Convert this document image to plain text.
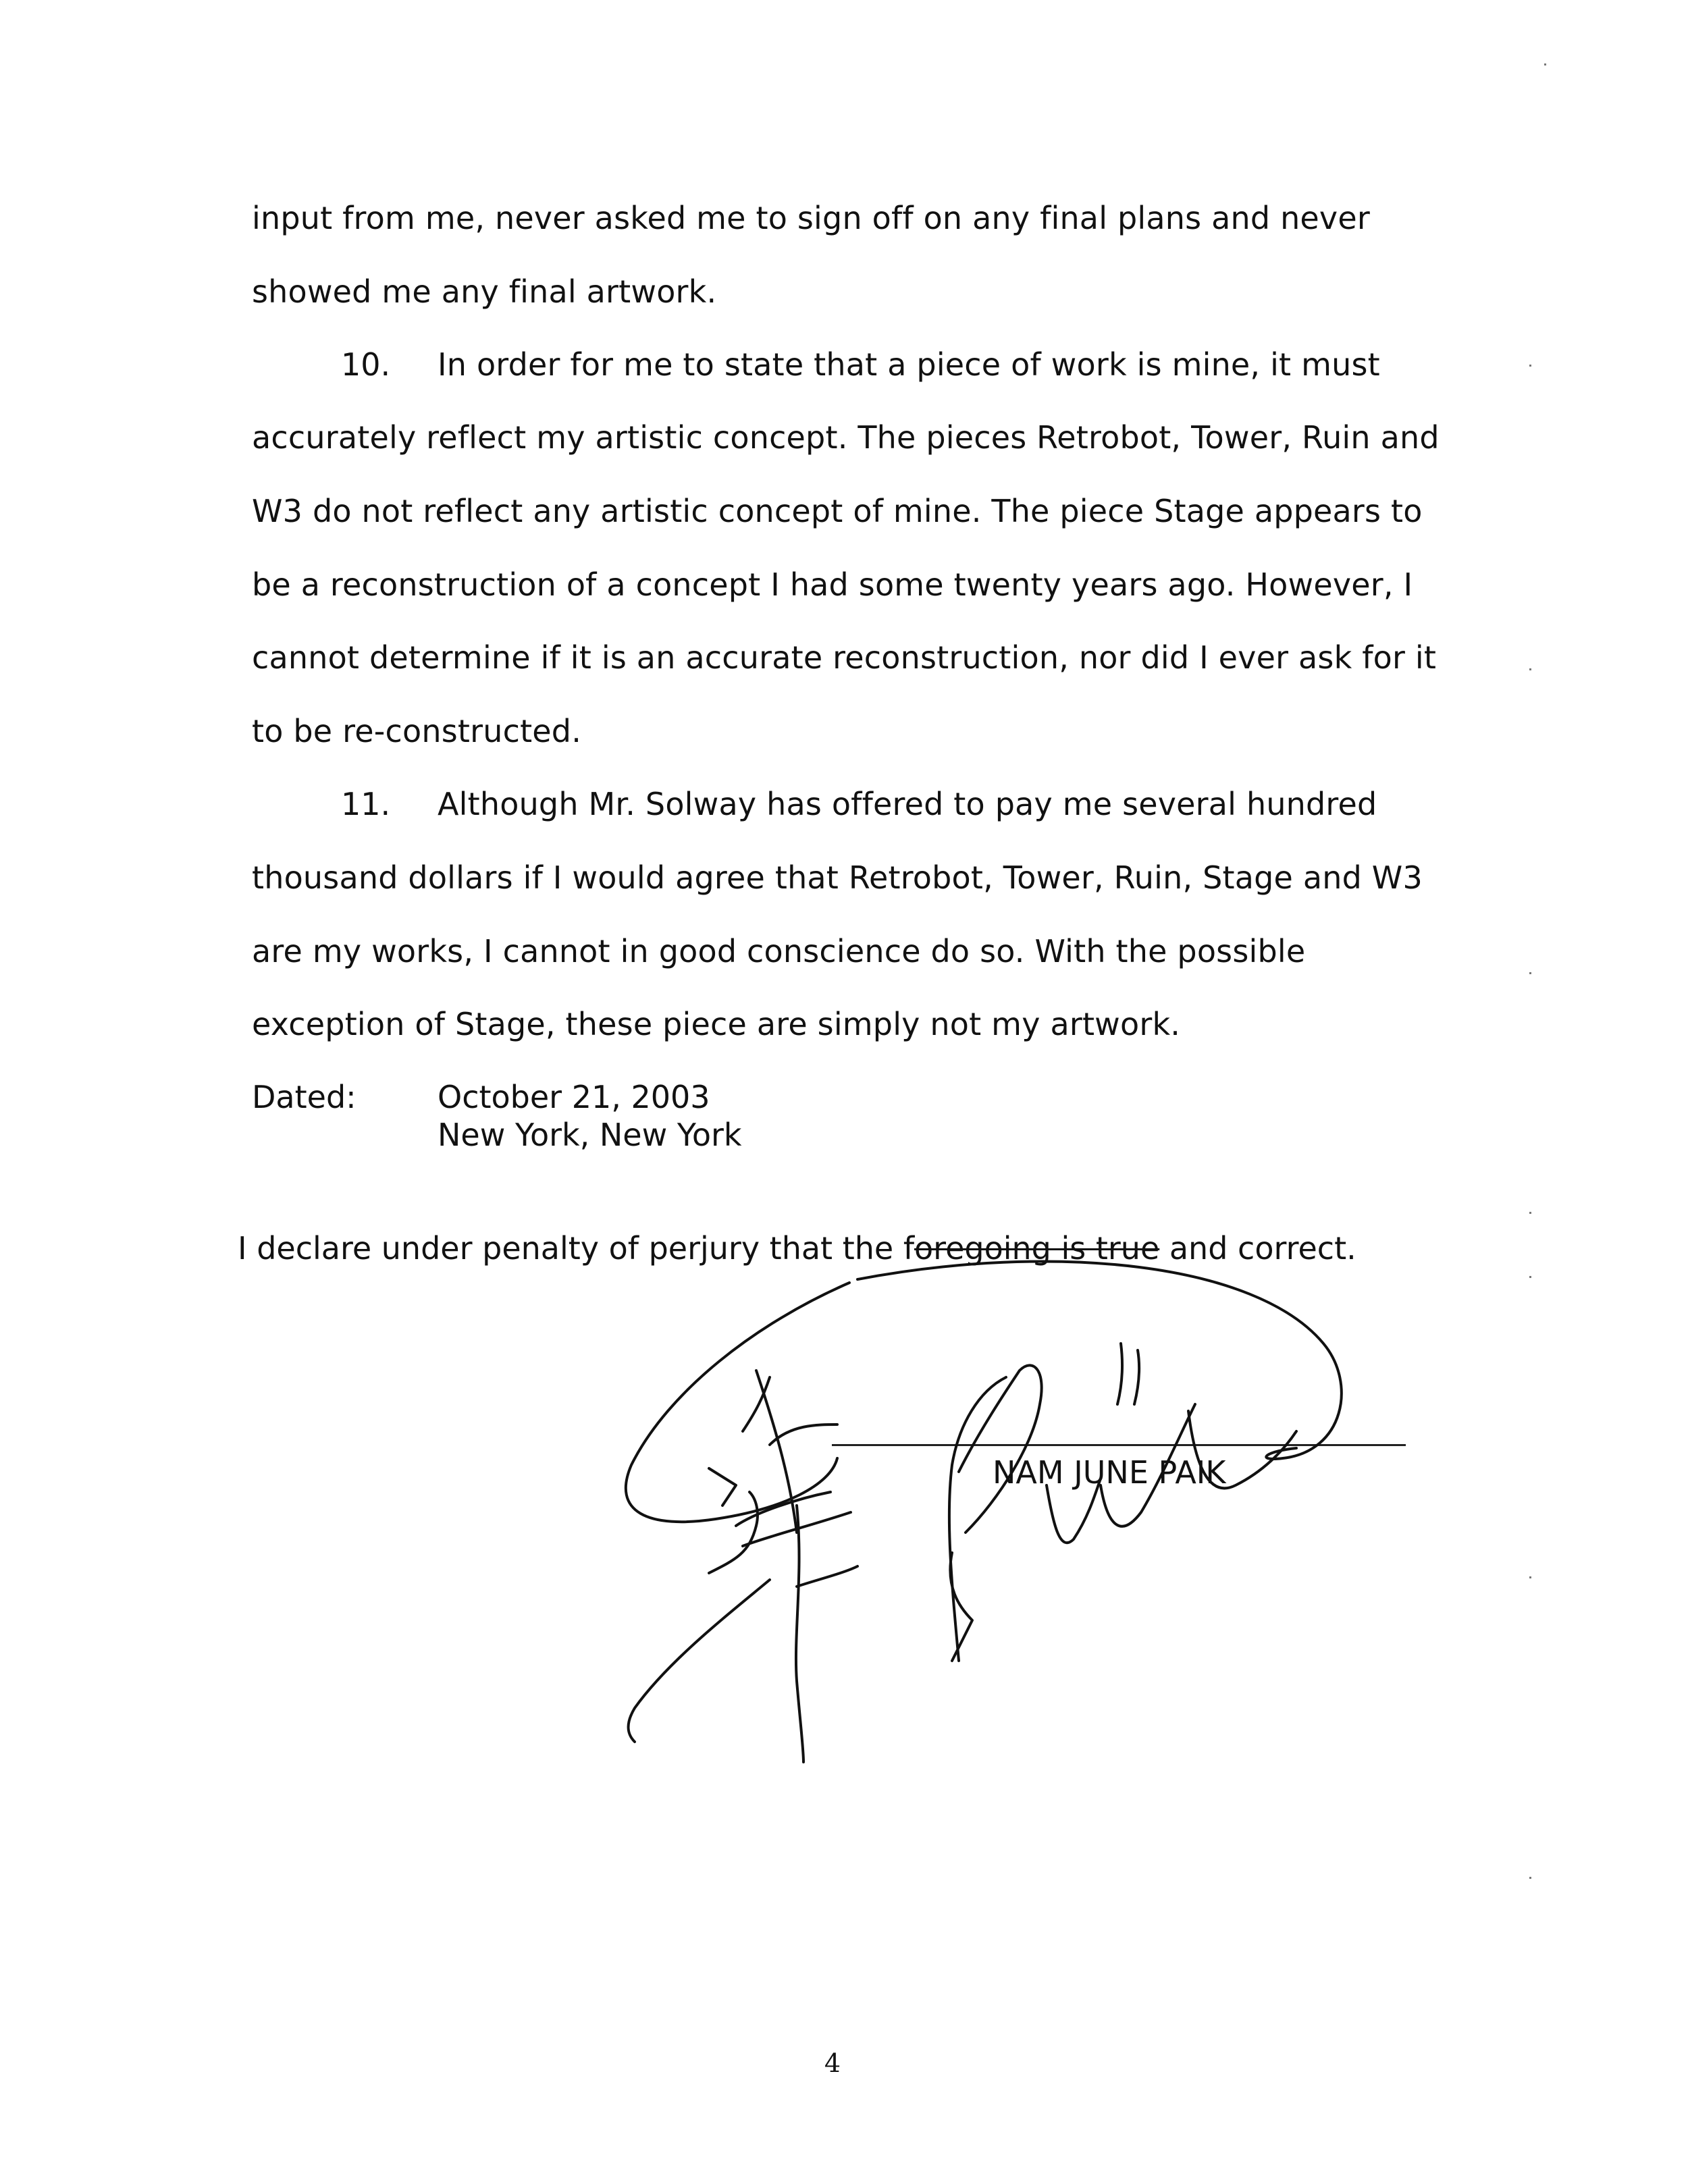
input from me, never asked me to sign off on any final plans and never
showed me any final artwork.
10. In order for me to state that a piece of work is mine, it must
accurately reflect my artistic concept. The pieces Retrobot, Tower, Ruin and
W3 do not reflect any artistic concept of mine. The piece Stage appears to
be a reconstruction of a concept I had some twenty years ago. However, I
cannot determine if it is an accurate reconstruction, nor did I ever ask for it
to be re-constructed.
11. Although Mr. Solway has offered to pay me several hundred
thousand dollars if I would agree that Retrobot, Tower, Ruin, Stage and W3
are my works, I cannot in good conscience do so. With the possible
exception of Stage, these piece are simply not my artwork.
Dated:	October 21, 2003
New York, New York
I declare under penalty of perjury that the foregoing is true and correct.
NAM JUNE PAIK
4
